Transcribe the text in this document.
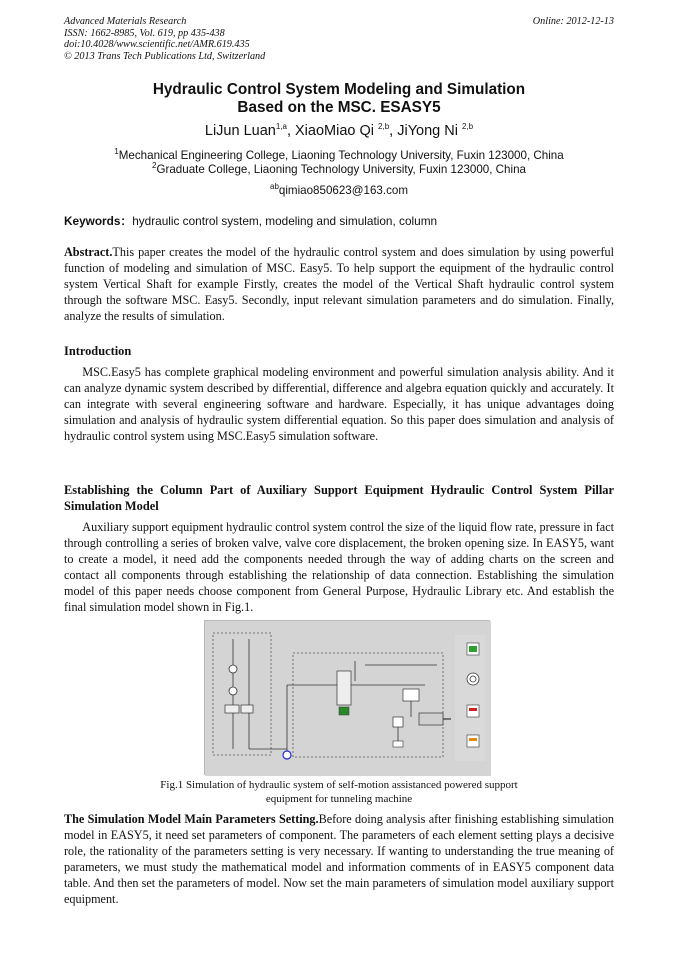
Advanced Materials Research
ISSN: 1662-8985, Vol. 619, pp 435-438
doi:10.4028/www.scientific.net/AMR.619.435
© 2013 Trans Tech Publications Ltd, Switzerland
Online: 2012-12-13
Hydraulic Control System Modeling and Simulation
Based on the MSC. ESASY5
LiJun Luan$^{1,a}$, XiaoMiao Qi $^{2,b}$, JiYong Ni $^{2,b}$
$^1$Mechanical Engineering College, Liaoning Technology University, Fuxin 123000, China
$^2$Graduate College, Liaoning Technology University, Fuxin 123000, China
$^{ab}$qimiao850623@163.com
Keywords：hydraulic control system, modeling and simulation, column
Abstract.This paper creates the model of the hydraulic control system and does simulation by using powerful function of modeling and simulation of MSC. Easy5. To help support the equipment of the hydraulic control system Vertical Shaft for example Firstly, creates the model of the Vertical Shaft hydraulic control system through the software MSC. Easy5. Secondly, input relevant simulation parameters and do simulation. Finally, analyze the results of simulation.
Introduction
MSC.Easy5 has complete graphical modeling environment and powerful simulation analysis ability. And it can analyze dynamic system described by differential, difference and algebra equation quickly and accurately. It can integrate with several engineering software and hardware. Especially, it has unique advantages doing simulation and analysis of hydraulic system differential equation. So this paper does simulation and analysis of hydraulic control system using MSC.Easy5 simulation software.
Establishing the Column Part of Auxiliary Support Equipment Hydraulic Control System Pillar Simulation Model
Auxiliary support equipment hydraulic control system control the size of the liquid flow rate, pressure in fact through controlling a series of broken valve, valve core displacement, the broken opening size. In EASY5, want to create a model, it need add the components needed through the way of adding charts on the screen and contact all components through establishing the relationship of data connection. Establishing the simulation model of this paper needs choose component from General Purpose, Hydraulic Library etc. And establish the final simulation model shown in Fig.1.
Fig.1 Simulation of hydraulic system of self-motion assistanced powered support
equipment for tunneling machine
The Simulation Model Main Parameters Setting.Before doing analysis after finishing establishing simulation model in EASY5, it need set parameters of component. The parameters of each element setting plays a decisive role, the rationality of the parameters setting is very necessary. If wanting to understanding the true meaning of parameters, we must study the mathematical model and information comments of in EASY5 component data table. And then set the parameters of model. Now set the main parameters of simulation model auxiliary support equipment.
